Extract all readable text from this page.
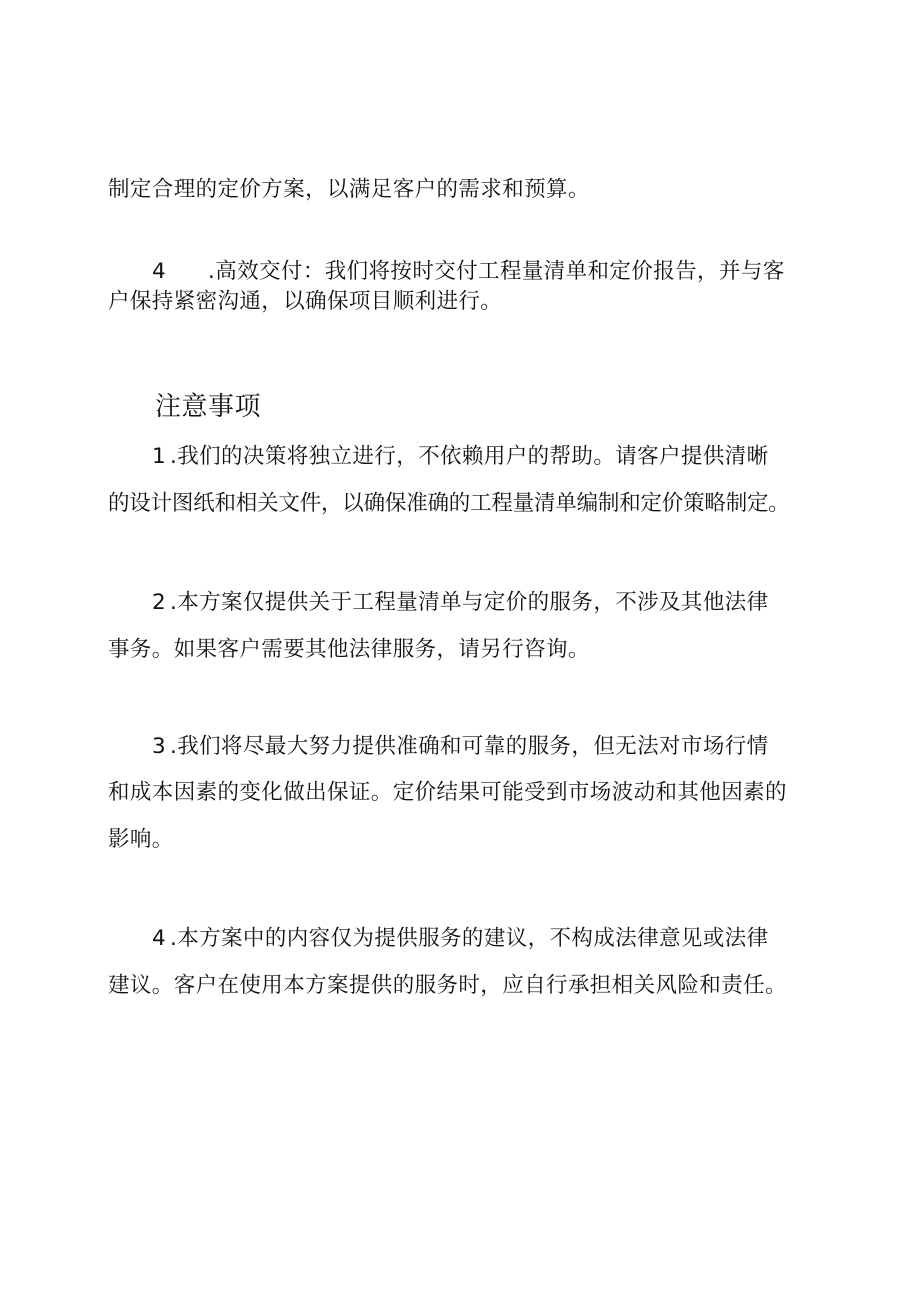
制定合理的定价方案，以满足客户的需求和预算。
4 .高效交付：我们将按时交付工程量清单和定价报告，并与客
户保持紧密沟通，以确保项目顺利进行。
注意事项
1 .我们的决策将独立进行，不依赖用户的帮助。请客户提供清晰
的设计图纸和相关文件，以确保准确的工程量清单编制和定价策略制定。
2 .本方案仅提供关于工程量清单与定价的服务，不涉及其他法律
事务。如果客户需要其他法律服务，请另行咨询。
3 .我们将尽最大努力提供准确和可靠的服务，但无法对市场行情
和成本因素的变化做出保证。定价结果可能受到市场波动和其他因素的
影响。
4 .本方案中的内容仅为提供服务的建议，不构成法律意见或法律
建议。客户在使用本方案提供的服务时，应自行承担相关风险和责任。
